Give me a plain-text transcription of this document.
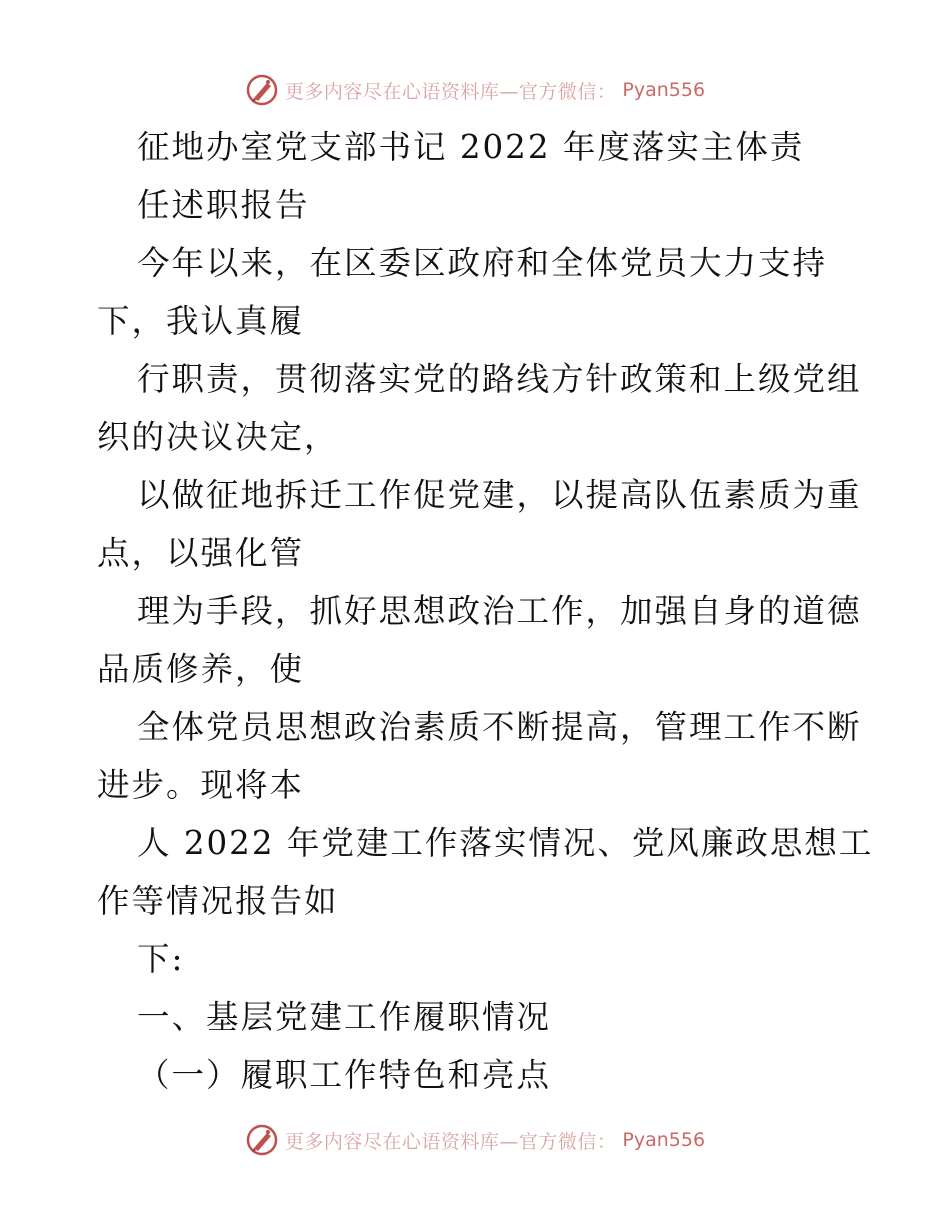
更多内容尽在心语资料库—官方微信： Pyan556
征地办室党支部书记 2022 年度落实主体责
任述职报告
今年以来，在区委区政府和全体党员大力支持
下，我认真履
行职责，贯彻落实党的路线方针政策和上级党组
织的决议决定，
以做征地拆迁工作促党建，以提高队伍素质为重
点，以强化管
理为手段，抓好思想政治工作，加强自身的道德
品质修养，使
全体党员思想政治素质不断提高，管理工作不断
进步。现将本
人 2022 年党建工作落实情况、党风廉政思想工
作等情况报告如
下:
一、基层党建工作履职情况
（一）履职工作特色和亮点
更多内容尽在心语资料库—官方微信： Pyan556
